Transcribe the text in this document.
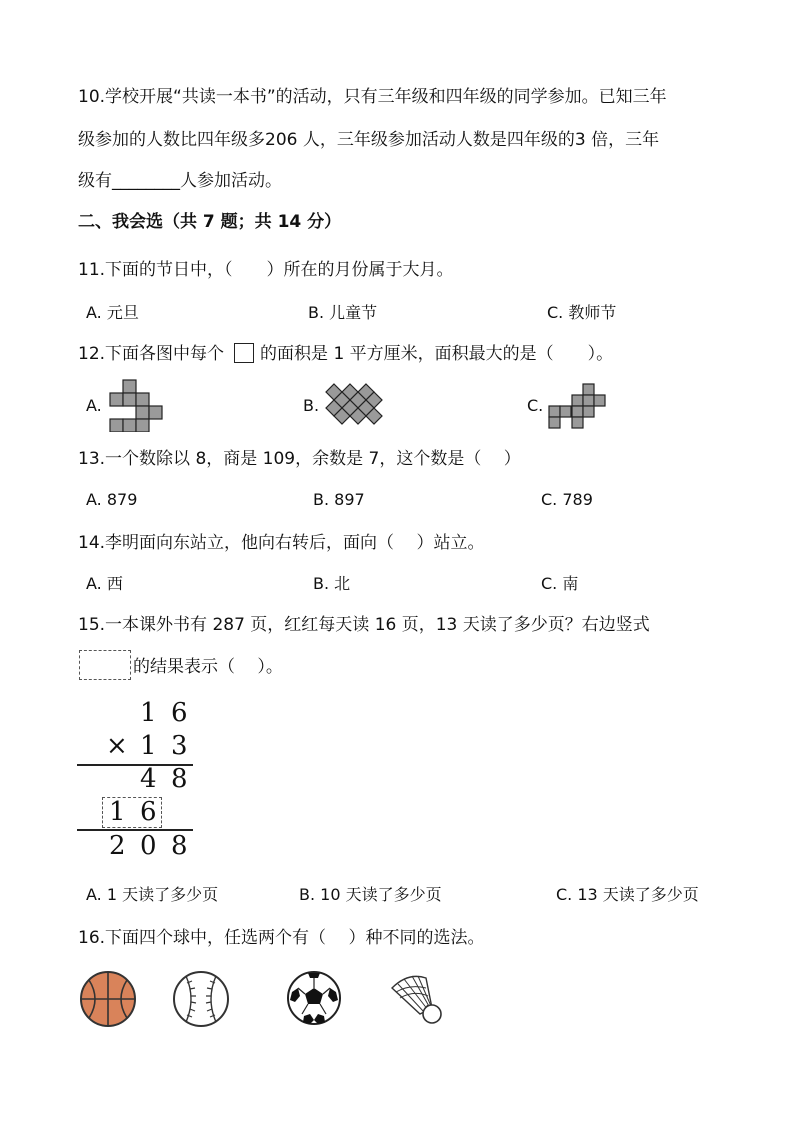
10.学校开展“共读一本书”的活动，只有三年级和四年级的同学参加。已知三年
级参加的人数比四年级多206 人，三年级参加活动人数是四年级的3 倍，三年
级有________人参加活动。
二、我会选（共 7 题；共 14 分）
11.下面的节日中，（　　）所在的月份属于大月。
A. 元旦	B. 儿童节	C. 教师节
12.下面各图中每个 的面积是 1 平方厘米，面积最大的是（　　）。
A.	B.	C.
13.一个数除以 8，商是 109，余数是 7，这个数是（　 ）
A. 879	B. 897	C. 789
14.李明面向东站立，他向右转后，面向（　 ）站立。
A. 西	B. 北	C. 南
15.一本课外书有 287 页，红红每天读 16 页，13 天读了多少页？右边竖式
的结果表示（　 ）。
1 6
× 1 3
4 8
1 6
2 0 8
A. 1 天读了多少页	B. 10 天读了多少页	C. 13 天读了多少页
16.下面四个球中，任选两个有（　 ）种不同的选法。
